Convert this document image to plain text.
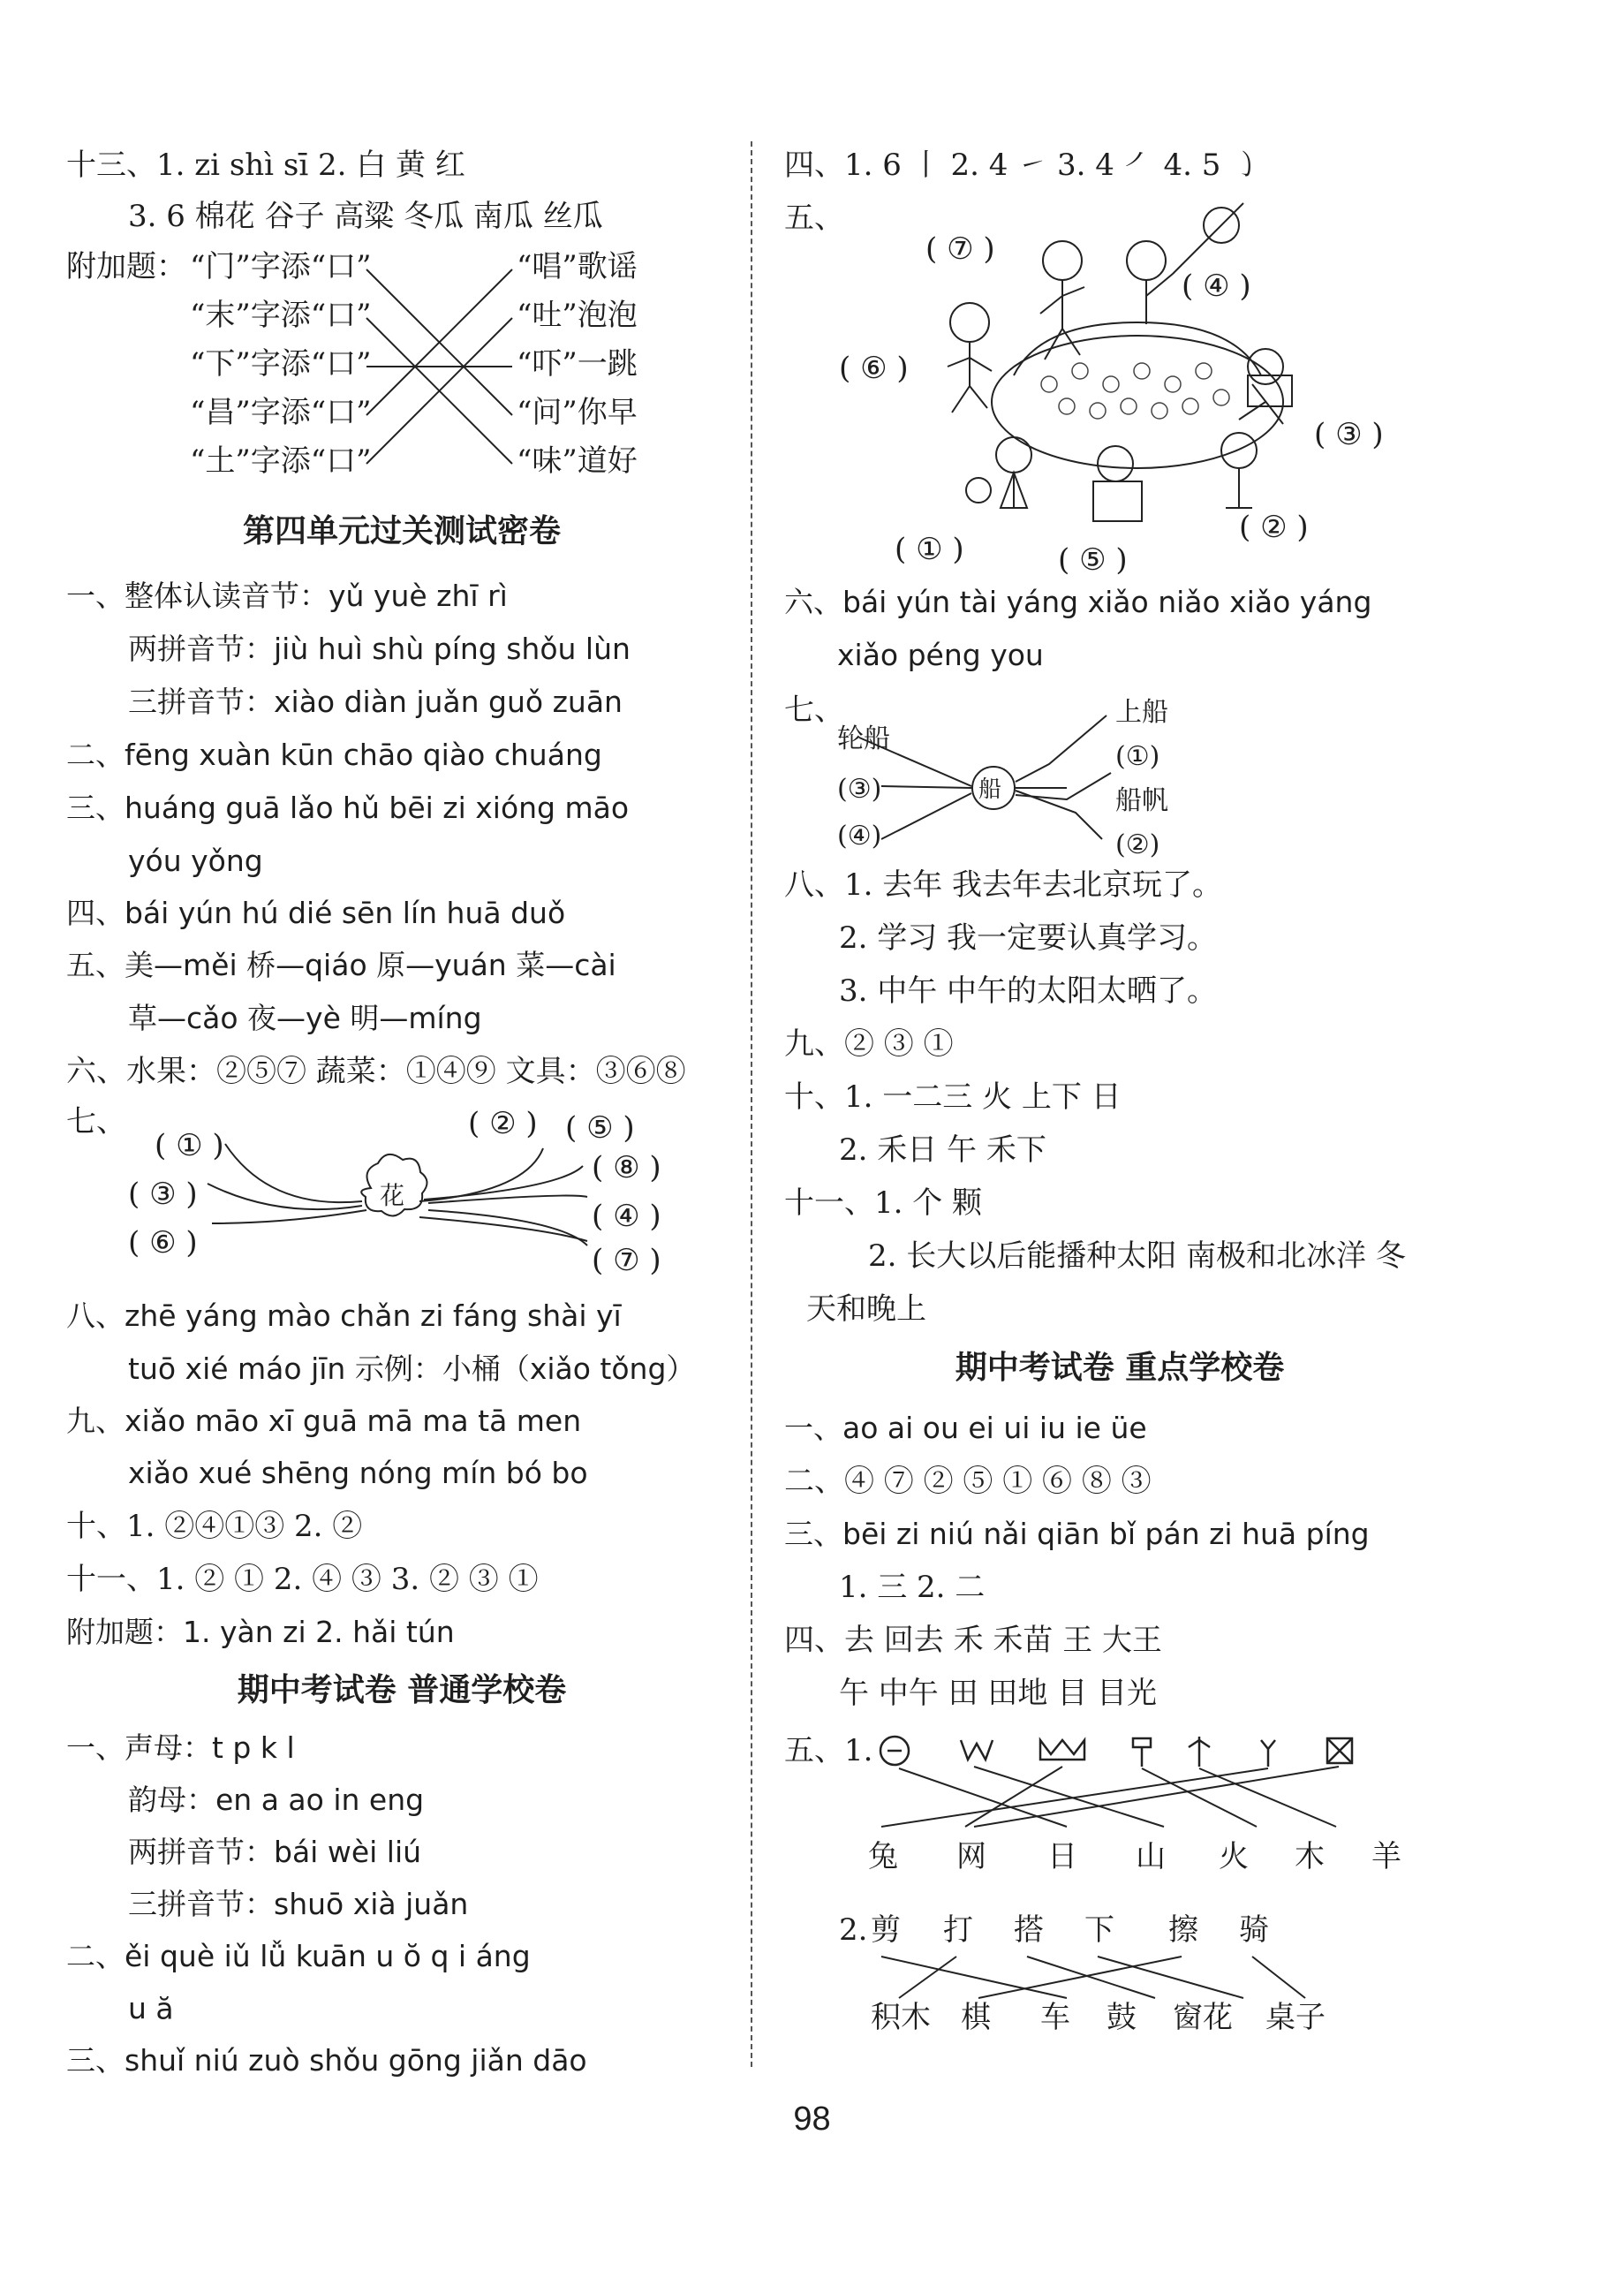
十三、1. zi shì sī 2. 白 黄 红
3. 6 棉花 谷子 高粱 冬瓜 南瓜 丝瓜
附加题： “门”字添“口”
“末”字添“口”
“下”字添“口”
“昌”字添“口”
“土”字添“口”
“唱”歌谣
“吐”泡泡
“吓”一跳
“问”你早
“味”道好
第四单元过关测试密卷
一、整体认读音节：yǔ yuè zhī rì
两拼音节：jiù huì shù píng shǒu lùn
三拼音节：xiào diàn juǎn guǒ zuān
二、fēng xuàn kūn chāo qiào chuáng
三、huáng guā lǎo hǔ bēi zi xióng māo
yóu yǒng
四、bái yún hú dié sēn lín huā duǒ
五、美—měi 桥—qiáo 原—yuán 菜—cài
草—cǎo 夜—yè 明—míng
六、水果：②⑤⑦ 蔬菜：①④⑨ 文具：③⑥⑧
七、
花
( ① )
( ③ )
( ⑥ )
( ② ) ( ⑤ )
( ⑧ )
( ④ )
( ⑦ )
八、zhē yáng mào chǎn zi fáng shài yī
tuō xié máo jīn 示例：小桶（xiǎo tǒng）
九、xiǎo māo xī guā mā ma tā men
xiǎo xué shēng nóng mín bó bo
十、1. ②④①③ 2. ②
十一、1. ② ① 2. ④ ③ 3. ② ③ ①
附加题：1. yàn zi 2. hǎi tún
期中考试卷 普通学校卷
一、声母：t p k l
韵母：en a ao in eng
两拼音节：bái wèi liú
三拼音节：shuō xià juǎn
二、ěi què iǔ lǚ kuān u ŏ q i áng
u ă
三、shuǐ niú zuò shǒu gōng jiǎn dāo
四、1. 6 丨 2. 4 ㇀ 3. 4 ㇒ 4. 5 ㇁
五、
( ⑦ )
( ④ )
( ⑥ )
( ③ )
( ② )
( ① )	( ⑤ )
六、bái yún tài yáng xiǎo niǎo xiǎo yáng
xiǎo péng you
七、
船
轮船
(③)
(④)
上船
(①)
船帆
(②)
八、1. 去年 我去年去北京玩了。
2. 学习 我一定要认真学习。
3. 中午 中午的太阳太晒了。
九、② ③ ①
十、1. 一二三 火 上下 日
2. 禾日 午 禾下
十一、1. 个 颗
2. 长大以后能播种太阳 南极和北冰洋 冬
天和晚上
期中考试卷 重点学校卷
一、ao ai ou ei ui iu ie üe
二、④ ⑦ ② ⑤ ① ⑥ ⑧ ③
三、bēi zi niú nǎi qiān bǐ pán zi huā píng
1. 三 2. 二
四、去 回去 禾 禾苗 王 大王
午 中午 田 田地 目 目光
五、1.
兔 网 日 山 火 木 羊
2. 剪 打 搭 下 擦 骑
积木 棋 车 鼓 窗花 桌子
98
